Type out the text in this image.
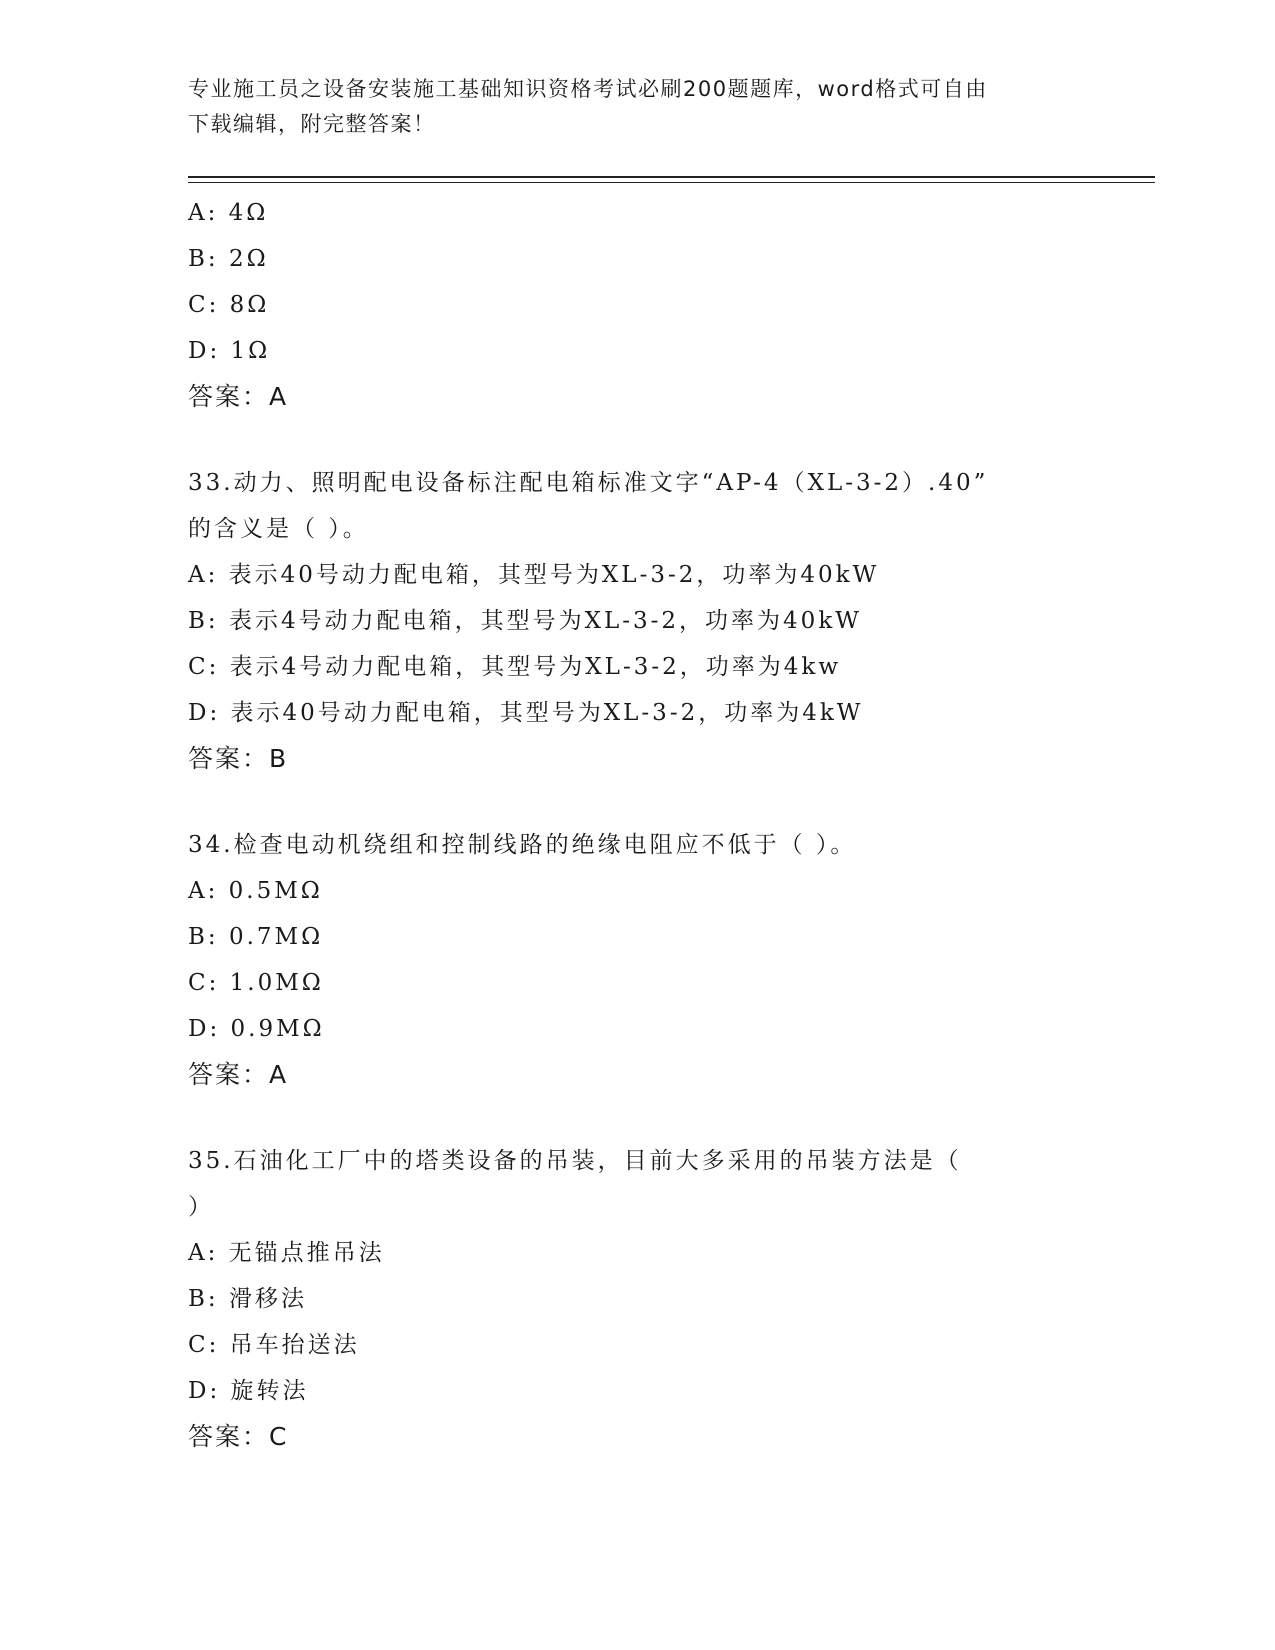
专业施工员之设备安装施工基础知识资格考试必刷200题题库，word格式可自由
下载编辑，附完整答案！
A: 4Ω
B: 2Ω
C: 8Ω
D: 1Ω
答案：A
33.动力、照明配电设备标注配电箱标准文字“AP-4（XL-3-2）.40”
的含义是（ ）。
A: 表示40号动力配电箱，其型号为XL-3-2，功率为40kW
B: 表示4号动力配电箱，其型号为XL-3-2，功率为40kW
C: 表示4号动力配电箱，其型号为XL-3-2，功率为4kw
D: 表示40号动力配电箱，其型号为XL-3-2，功率为4kW
答案：B
34.检查电动机绕组和控制线路的绝缘电阻应不低于（ ）。
A: 0.5MΩ
B: 0.7MΩ
C: 1.0MΩ
D: 0.9MΩ
答案：A
35.石油化工厂中的塔类设备的吊装，目前大多采用的吊装方法是（
）
A: 无锚点推吊法
B: 滑移法
C: 吊车抬送法
D: 旋转法
答案：C
